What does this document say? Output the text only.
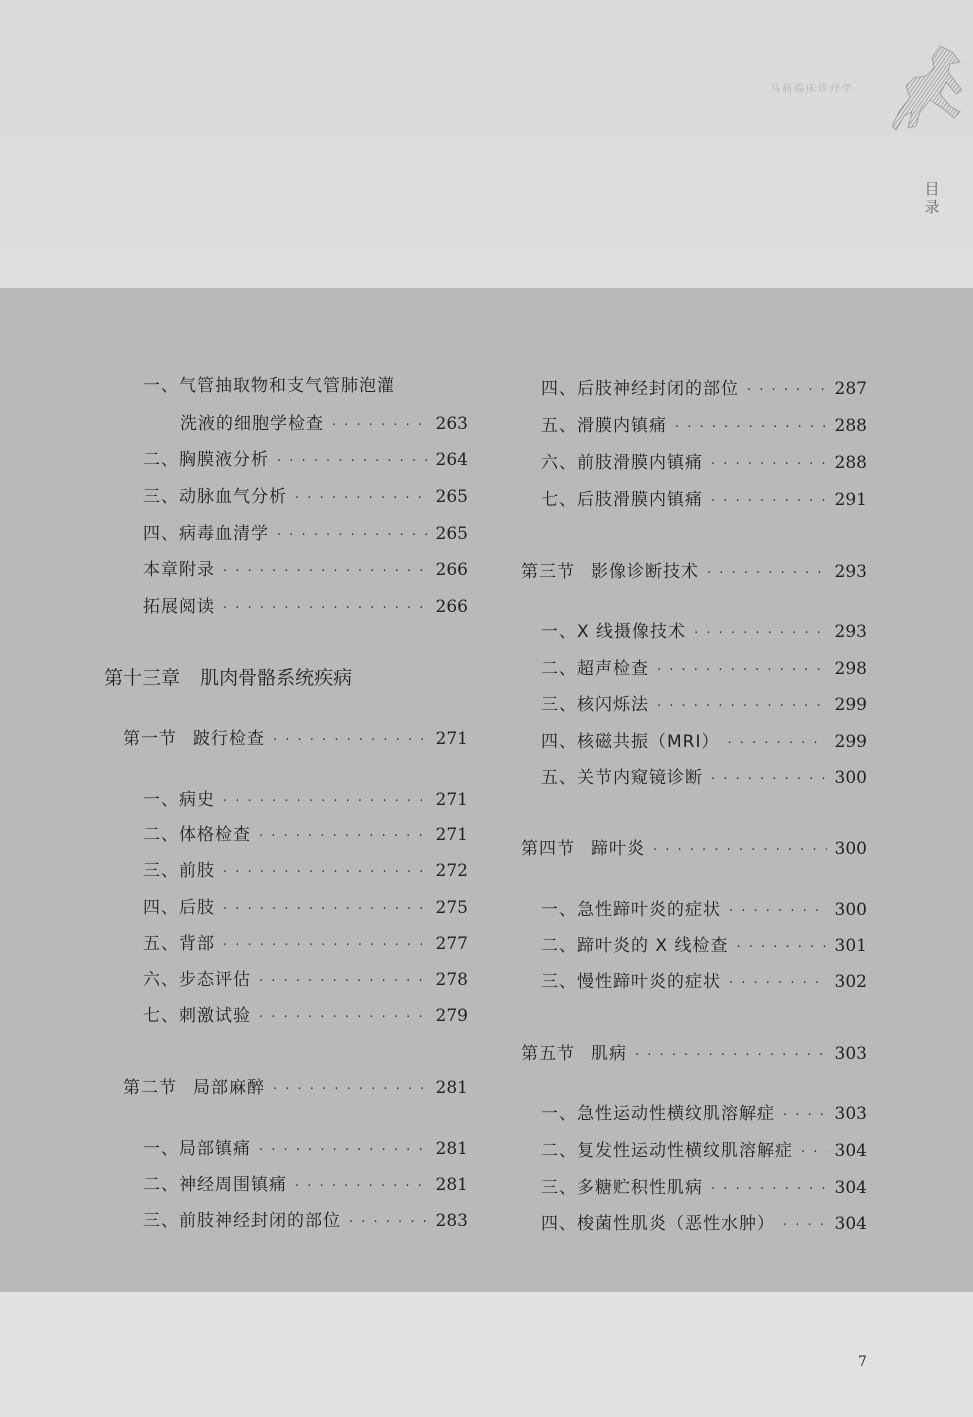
马病临床诊疗学
目录
一、气管抽取物和支气管肺泡灌
洗液的细胞学检查 · · ·	263
二、胸膜液分析 · · ·	264
三、动脉血气分析 · · ·	265
四、病毒血清学 · · ·	265
本章附录 · · ·	266
拓展阅读 · · ·	266
第十三章 肌肉骨骼系统疾病
第一节 跛行检查 · · ·	271
一、病史 · · ·	271
二、体格检查 · · ·	271
三、前肢 · · ·	272
四、后肢 · · ·	275
五、背部 · · ·	277
六、步态评估 · · ·	278
七、刺激试验 · · ·	279
第二节 局部麻醉 · · ·	281
一、局部镇痛 · · ·	281
二、神经周围镇痛 · · ·	281
三、前肢神经封闭的部位 · · ·	283
四、后肢神经封闭的部位 · · ·	287
五、滑膜内镇痛 · · ·	288
六、前肢滑膜内镇痛 · · ·	288
七、后肢滑膜内镇痛 · · ·	291
第三节 影像诊断技术 · · ·	293
一、X 线摄像技术 · · ·	293
二、超声检查 · · ·	298
三、核闪烁法 · · ·	299
四、核磁共振（MRI） · · ·	299
五、关节内窥镜诊断 · · ·	300
第四节 蹄叶炎 · · ·	300
一、急性蹄叶炎的症状 · · ·	300
二、蹄叶炎的 X 线检查 · · ·	301
三、慢性蹄叶炎的症状 · · ·	302
第五节 肌病 · · ·	303
一、急性运动性横纹肌溶解症 · · ·	303
二、复发性运动性横纹肌溶解症 · · · 304
三、多糖贮积性肌病 · · ·	304
四、梭菌性肌炎（恶性水肿） · · ·	304
7
